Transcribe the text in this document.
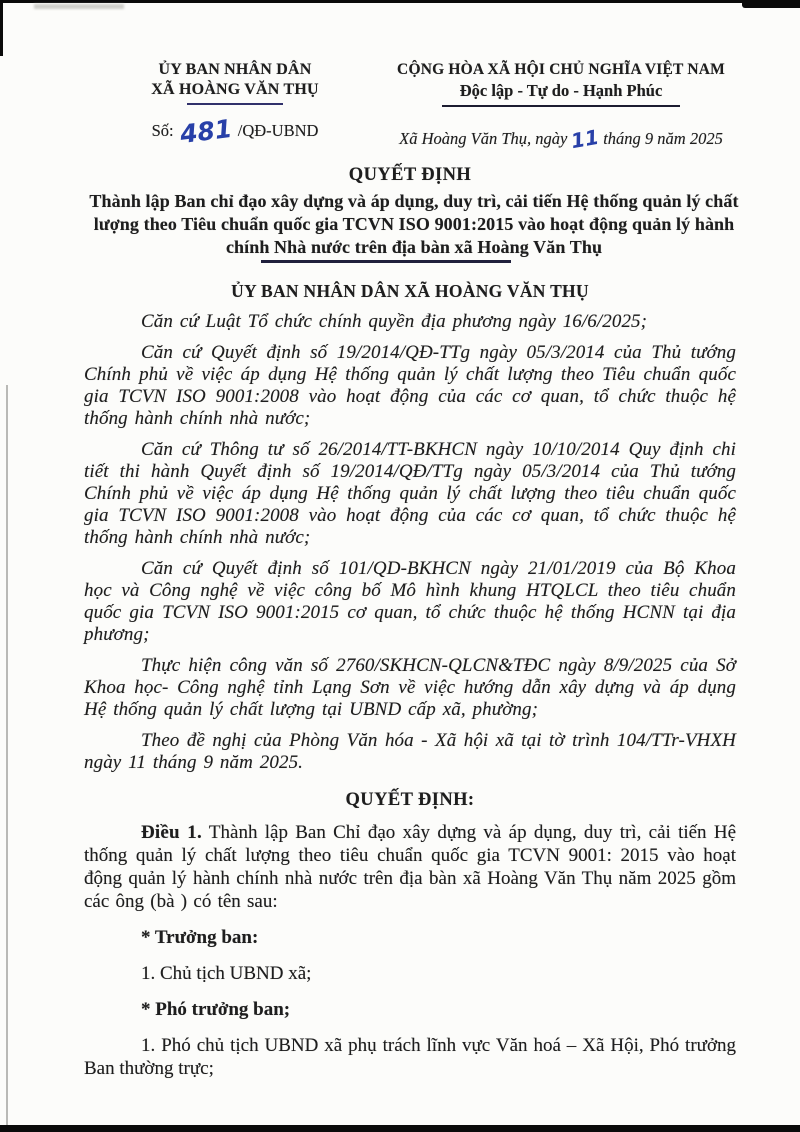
ỦY BAN NHÂN DÂN
XÃ HOÀNG VĂN THỤ
CỘNG HÒA XÃ HỘI CHỦ NGHĨA VIỆT NAM
Độc lập - Tự do - Hạnh Phúc
Số: 481 /QĐ-UBND	Xã Hoàng Văn Thụ, ngày 11 tháng 9 năm 2025
QUYẾT ĐỊNH
Thành lập Ban chỉ đạo xây dựng và áp dụng, duy trì, cải tiến Hệ thống quản lý chất lượng theo Tiêu chuẩn quốc gia TCVN ISO 9001:2015 vào hoạt động quản lý hành chính Nhà nước trên địa bàn xã Hoàng Văn Thụ
ỦY BAN NHÂN DÂN XÃ HOÀNG VĂN THỤ

Căn cứ Luật Tổ chức chính quyền địa phương ngày 16/6/2025;

Căn cứ Quyết định số 19/2014/QĐ-TTg ngày 05/3/2014 của Thủ tướng Chính phủ về việc áp dụng Hệ thống quản lý chất lượng theo Tiêu chuẩn quốc gia TCVN ISO 9001:2008 vào hoạt động của các cơ quan, tổ chức thuộc hệ thống hành chính nhà nước;

Căn cứ Thông tư số 26/2014/TT-BKHCN ngày 10/10/2014 Quy định chi tiết thi hành Quyết định số 19/2014/QĐ/TTg ngày 05/3/2014 của Thủ tướng Chính phủ về việc áp dụng Hệ thống quản lý chất lượng theo tiêu chuẩn quốc gia TCVN ISO 9001:2008 vào hoạt động của các cơ quan, tổ chức thuộc hệ thống hành chính nhà nước;

Căn cứ Quyết định số 101/QD-BKHCN ngày 21/01/2019 của Bộ Khoa học và Công nghệ về việc công bố Mô hình khung HTQLCL theo tiêu chuẩn quốc gia TCVN ISO 9001:2015 cơ quan, tổ chức thuộc hệ thống HCNN tại địa phương;

Thực hiện công văn số 2760/SKHCN-QLCN&TĐC ngày 8/9/2025 của Sở Khoa học- Công nghệ tỉnh Lạng Sơn về việc hướng dẫn xây dựng và áp dụng Hệ thống quản lý chất lượng tại UBND cấp xã, phường;

Theo đề nghị của Phòng Văn hóa - Xã hội xã tại tờ trình 104/TTr-VHXH ngày 11 tháng 9 năm 2025.

QUYẾT ĐỊNH:

Điều 1. Thành lập Ban Chỉ đạo xây dựng và áp dụng, duy trì, cải tiến Hệ thống quản lý chất lượng theo tiêu chuẩn quốc gia TCVN 9001: 2015 vào hoạt động quản lý hành chính nhà nước trên địa bàn xã Hoàng Văn Thụ năm 2025 gồm các ông (bà ) có tên sau:

* Trưởng ban:

1. Chủ tịch UBND xã;

* Phó trưởng ban;

1. Phó chủ tịch UBND xã phụ trách lĩnh vực Văn hoá – Xã Hội, Phó trưởng Ban thường trực;
